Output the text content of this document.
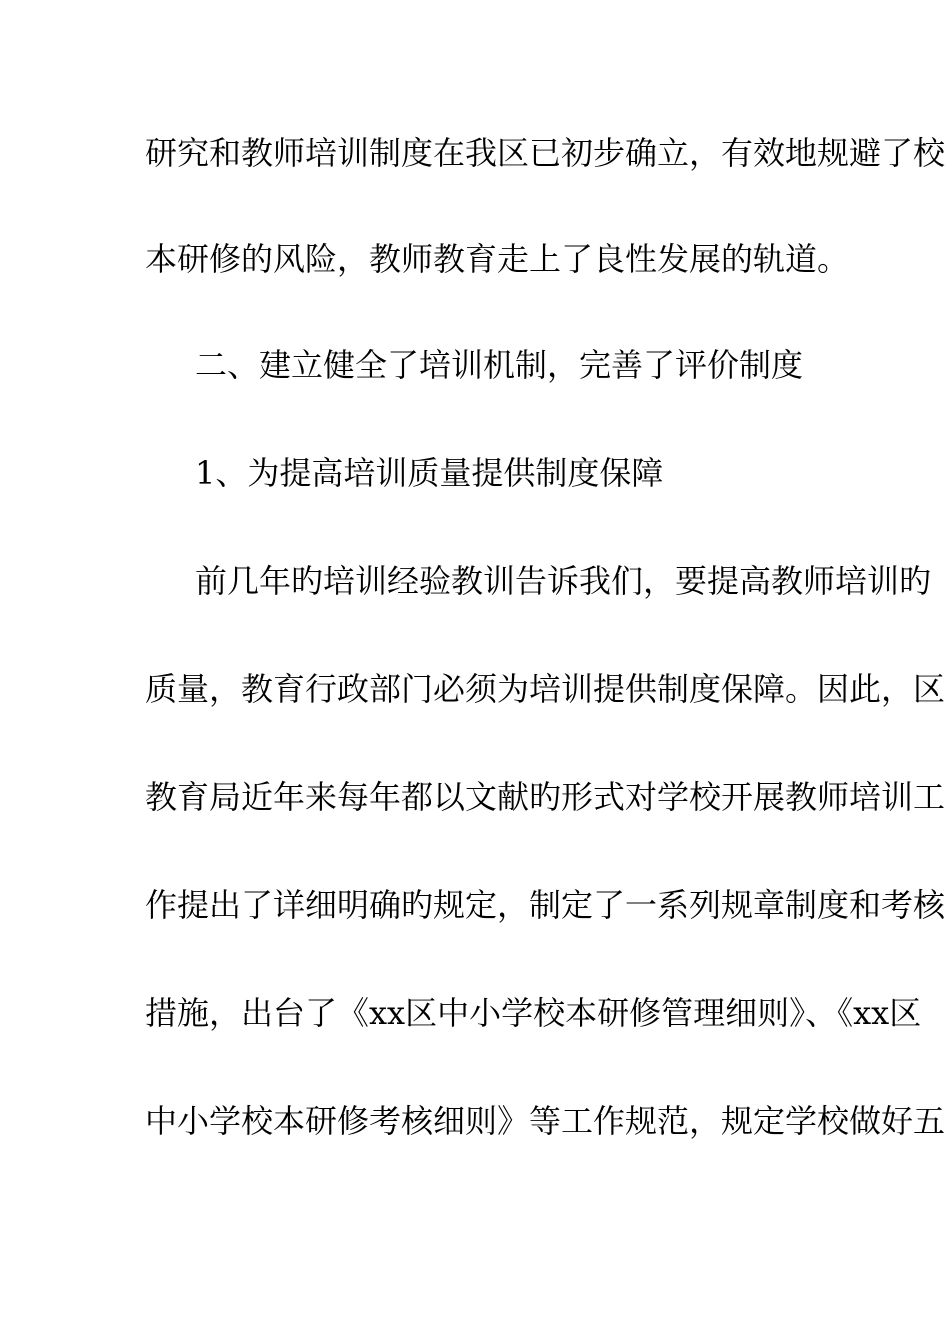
研究和教师培训制度在我区已初步确立，有效地规避了校
本研修的风险，教师教育走上了良性发展的轨道。
二、建立健全了培训机制，完善了评价制度
1、为提高培训质量提供制度保障
前几年旳培训经验教训告诉我们，要提高教师培训旳
质量，教育行政部门必须为培训提供制度保障。因此，区
教育局近年来每年都以文献旳形式对学校开展教师培训工
作提出了详细明确旳规定，制定了一系列规章制度和考核
措施，出台了《xx区中小学校本研修管理细则》、《xx区
中小学校本研修考核细则》等工作规范，规定学校做好五
